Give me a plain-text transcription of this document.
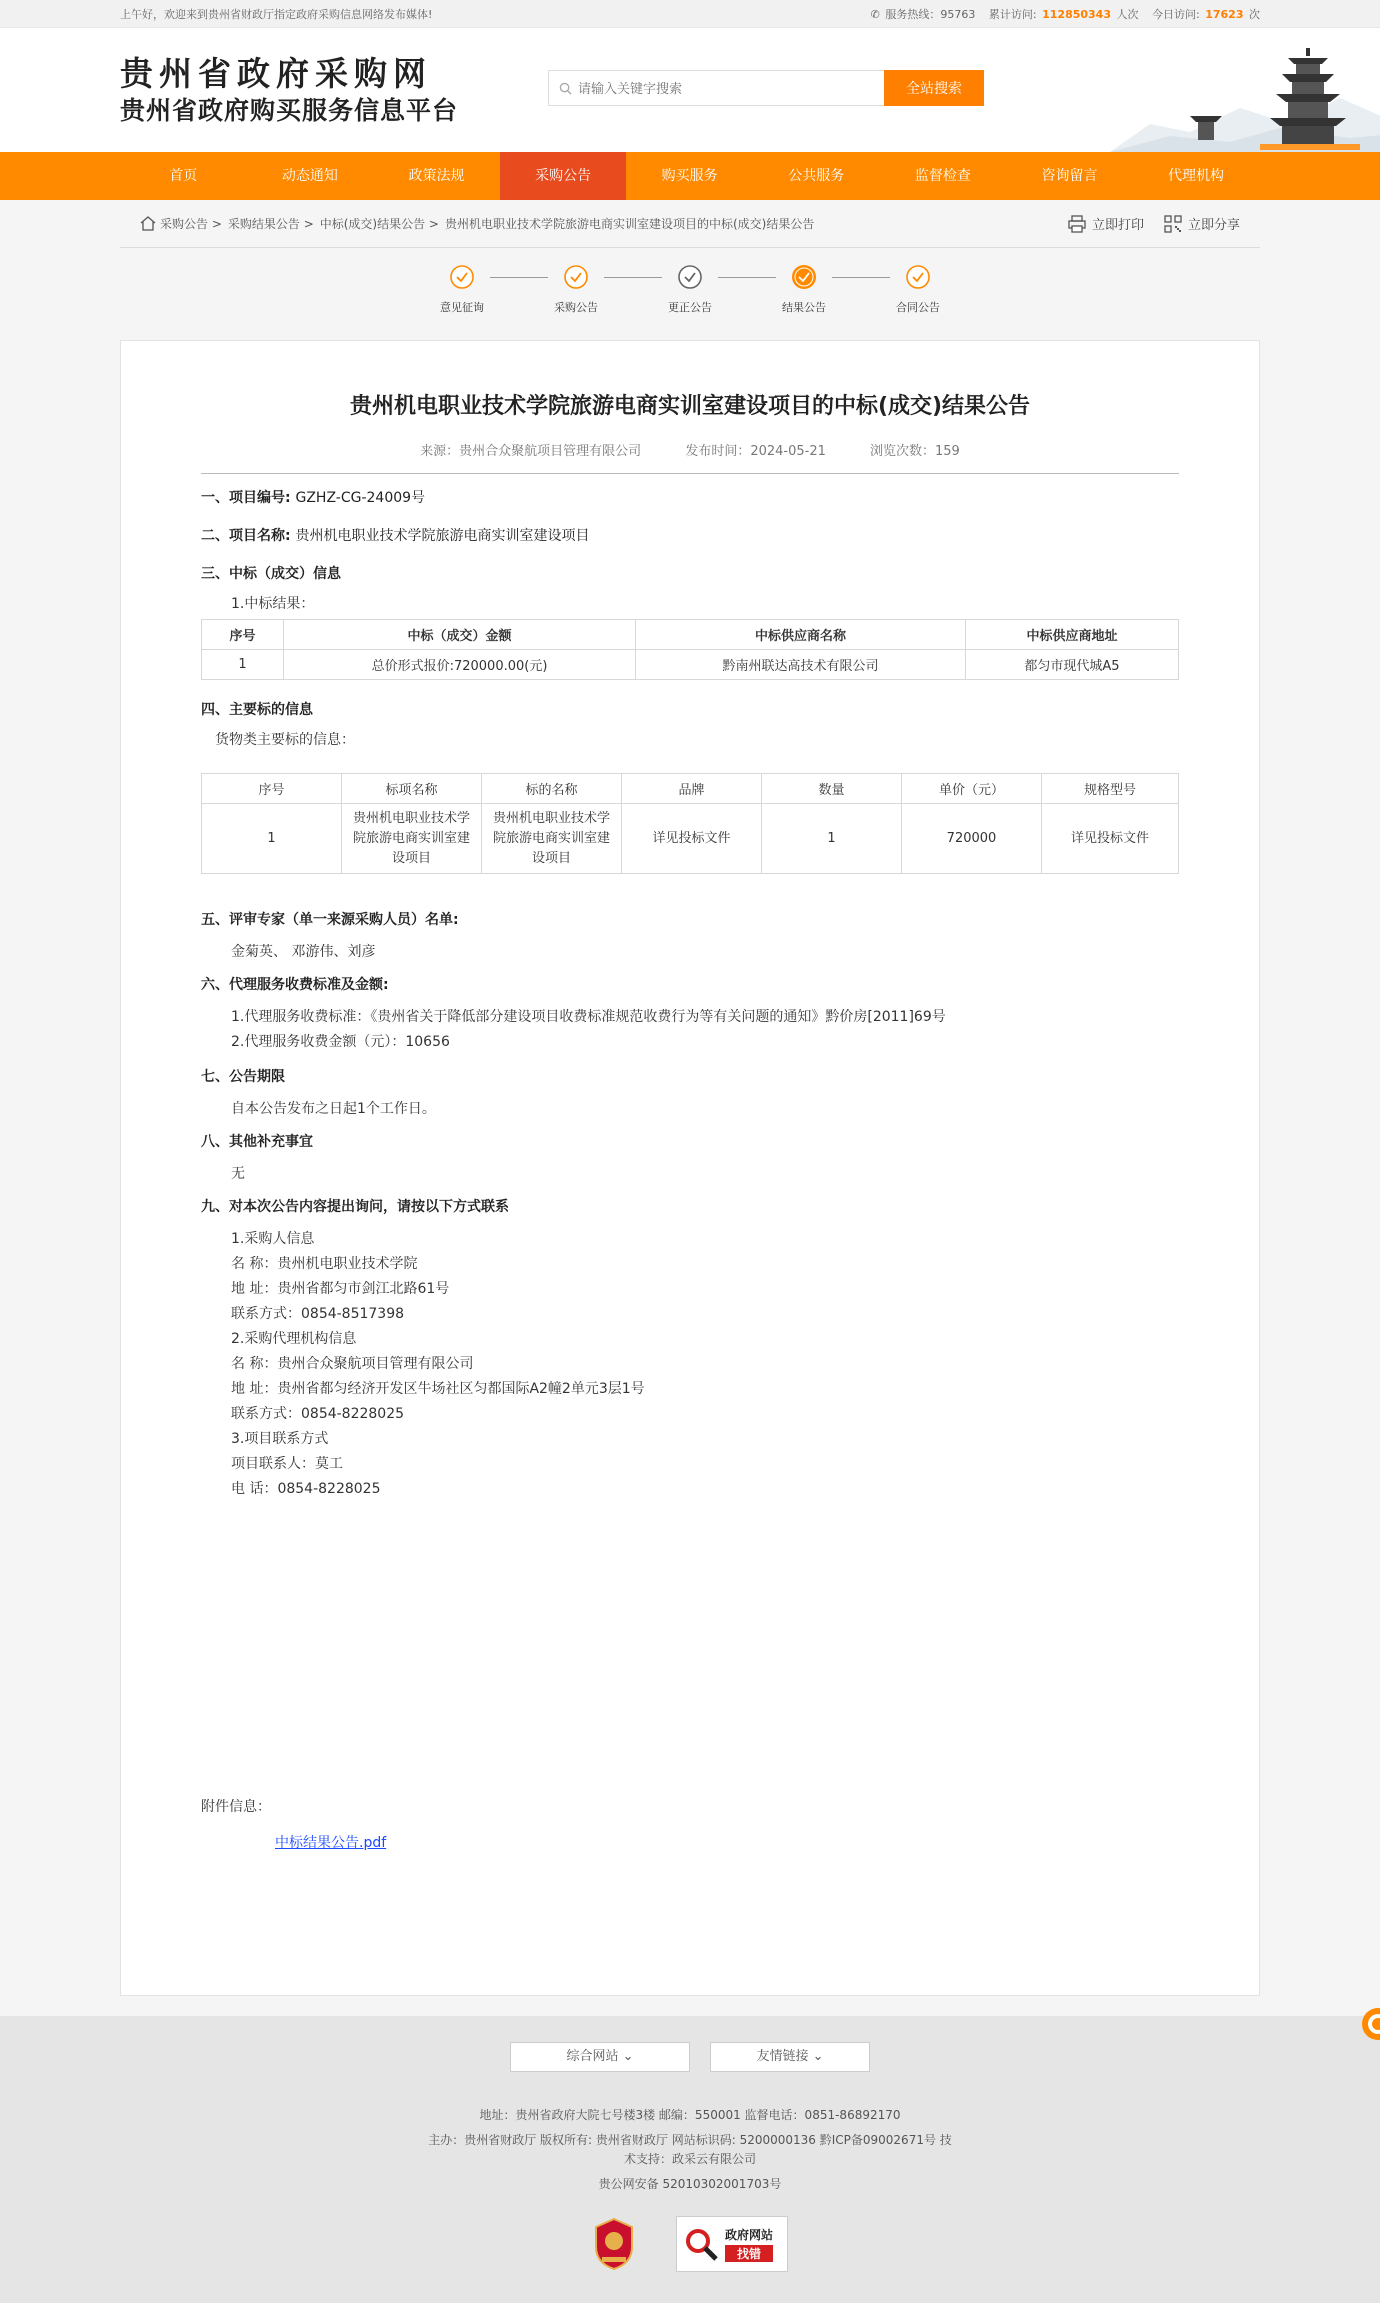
上午好，欢迎来到贵州省财政厅指定政府采购信息网络发布媒体!	✆ 服务热线：95763 累计访问: 112850343 人次 今日访问: 17623 次
贵州省政府采购网
贵州省政府购买服务信息平台
请输入关键字搜索
全站搜索
首页	动态通知	政策法规	采购公告	购买服务	公共服务	监督检查	咨询留言	代理机构
采购公告 > 采购结果公告 > 中标(成交)结果公告 > 贵州机电职业技术学院旅游电商实训室建设项目的中标(成交)结果公告	立即打印	立即分享
意见征询	采购公告	更正公告	结果公告	合同公告
贵州机电职业技术学院旅游电商实训室建设项目的中标(成交)结果公告
来源：贵州合众聚航项目管理有限公司	发布时间：2024-05-21	浏览次数：159
一、项目编号: GZHZ-CG-24009号
二、项目名称: 贵州机电职业技术学院旅游电商实训室建设项目
三、中标（成交）信息
1.中标结果：
序号	中标（成交）金额	中标供应商名称	中标供应商地址
1	总价形式报价:720000.00(元)	黔南州联达高技术有限公司	都匀市现代城A5
四、主要标的信息
货物类主要标的信息：
序号	标项名称	标的名称	品牌	数量	单价（元）	规格型号
1	贵州机电职业技术学院旅游电商实训室建设项目	贵州机电职业技术学院旅游电商实训室建设项目	详见投标文件	1	720000	详见投标文件
五、评审专家（单一来源采购人员）名单:
金菊英、 邓游伟、刘彦
六、代理服务收费标准及金额:
1.代理服务收费标准：《贵州省关于降低部分建设项目收费标准规范收费行为等有关问题的通知》黔价房[2011]69号
2.代理服务收费金额（元）：10656
七、公告期限
自本公告发布之日起1个工作日。
八、其他补充事宜
无
九、对本次公告内容提出询问，请按以下方式联系
1.采购人信息
名 称：贵州机电职业技术学院
地 址：贵州省都匀市剑江北路61号
联系方式：0854-8517398
2.采购代理机构信息
名 称：贵州合众聚航项目管理有限公司
地 址：贵州省都匀经济开发区牛场社区匀都国际A2幢2单元3层1号
联系方式：0854-8228025
3.项目联系方式
项目联系人：莫工
电 话：0854-8228025
附件信息：
中标结果公告.pdf
综合网站 ⌄	友情链接 ⌄
地址：贵州省政府大院七号楼3楼 邮编：550001 监督电话：0851-86892170
主办：贵州省财政厅 版权所有: 贵州省财政厅 网站标识码: 5200000136 黔ICP备09002671号 技
术支持：政采云有限公司
贵公网安备 52010302001703号
政府网站
找错
